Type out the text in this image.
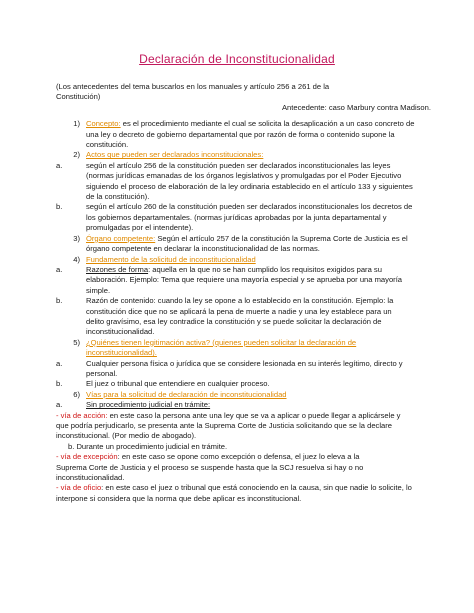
Declaración de Inconstitucionalidad
(Los antecedentes del tema buscarlos en los manuales y artículo 256 a 261 de la
Constitución)
Antecedente: caso Marbury contra Madison.
1) Concepto: es el procedimiento mediante el cual se solicita la desaplicación a un caso concreto de
una ley o decreto de gobierno departamental que por razón de forma o contenido supone la
constitución.
2) Actos que pueden ser declarados inconstitucionales:
a.	según el artículo 256 de la constitución pueden ser declarados inconstitucionales las leyes
(normas jurídicas emanadas de los órganos legislativos y promulgadas por el Poder Ejecutivo
siguiendo el proceso de elaboración de la ley ordinaria establecido en el artículo 133 y siguientes
de la constitución).
b.	según el artículo 260 de la constitución pueden ser declarados inconstitucionales los decretos de
los gobiernos departamentales. (normas jurídicas aprobadas por la junta departamental y
promulgadas por el intendente).
3) Órgano competente: Según el artículo 257 de la constitución la Suprema Corte de Justicia es el
órgano competente en declarar la inconstitucionalidad de las normas.
4) Fundamento de la solicitud de inconstitucionalidad
a.	Razones de forma: aquella en la que no se han cumplido los requisitos exigidos para su
elaboración. Ejemplo: Tema que requiere una mayoría especial y se aprueba por una mayoría
simple.
b.	Razón de contenido: cuando la ley se opone a lo establecido en la constitución. Ejemplo: la
constitución dice que no se aplicará la pena de muerte a nadie y una ley establece para un
delito gravísimo, esa ley contradice la constitución y se puede solicitar la declaración de
inconstitucionalidad.
5) ¿Quiénes tienen legitimación activa? (quienes pueden solicitar la declaración de
inconstitucionalidad).
a.	Cualquier persona física o jurídica que se considere lesionada en su interés legítimo, directo y
personal.
b.	El juez o tribunal que entendiere en cualquier proceso.
6) Vías para la solicitud de declaración de inconstitucionalidad
a.	Sin procedimiento judicial en trámite:
- vía de acción: en este caso la persona ante una ley que se va a aplicar o puede llegar a aplicársele y
que podría perjudicarlo, se presenta ante la Suprema Corte de Justicia solicitando que se la declare
inconstitucional. (Por medio de abogado).
b. Durante un procedimiento judicial en trámite.
- vía de excepción: en este caso se opone como excepción o defensa, el juez lo eleva a la
Suprema Corte de Justicia y el proceso se suspende hasta que la SCJ resuelva si hay o no
inconstitucionalidad.
- vía de oficio: en este caso el juez o tribunal que está conociendo en la causa, sin que nadie lo solicite, lo
interpone si considera que la norma que debe aplicar es inconstitucional.
